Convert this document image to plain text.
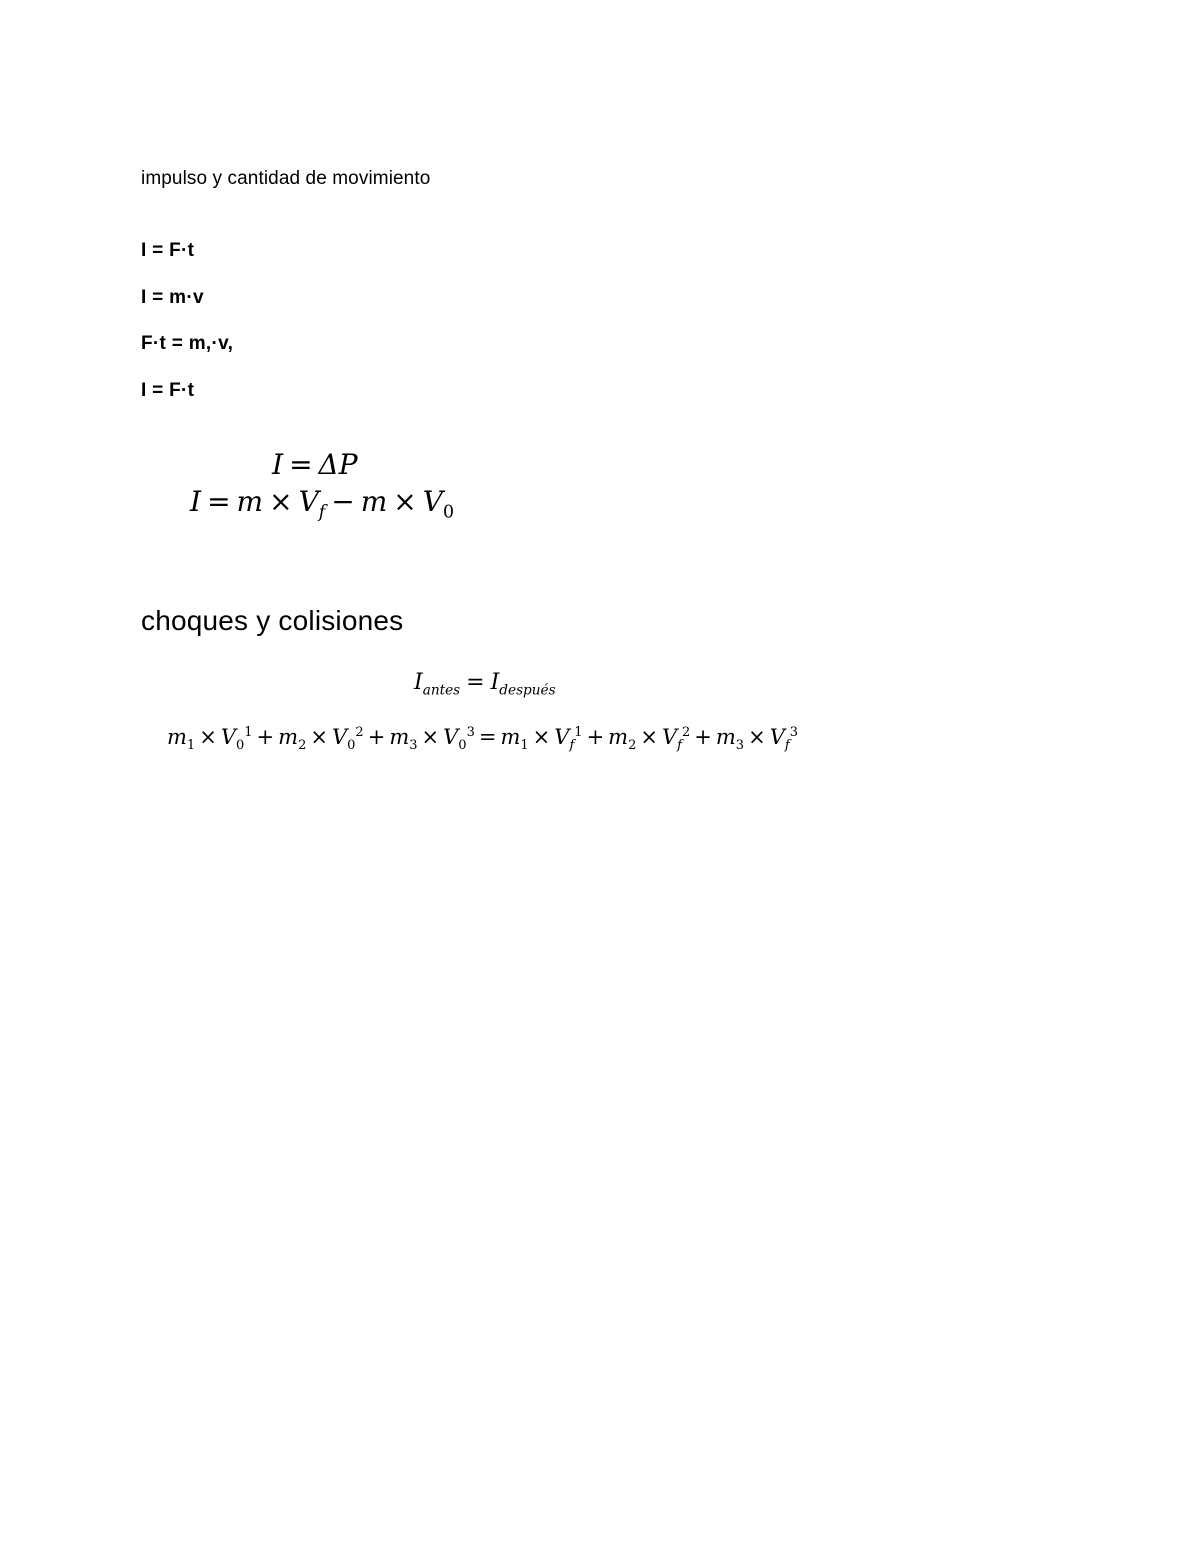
impulso y cantidad de movimiento
I = F·t
I = m·v
F·t = m,·v,
I = F·t
I = ΔP
$I = m \times V_f - m \times V_0$
choques y colisiones
$I_{antes} = I_{después}$
$m_1 \times V_0^1 + m_2 \times V_0^2 + m_3 \times V_0^3 = m_1 \times V_f^1 + m_2 \times V_f^2 + m_3 \times V_f^3$
